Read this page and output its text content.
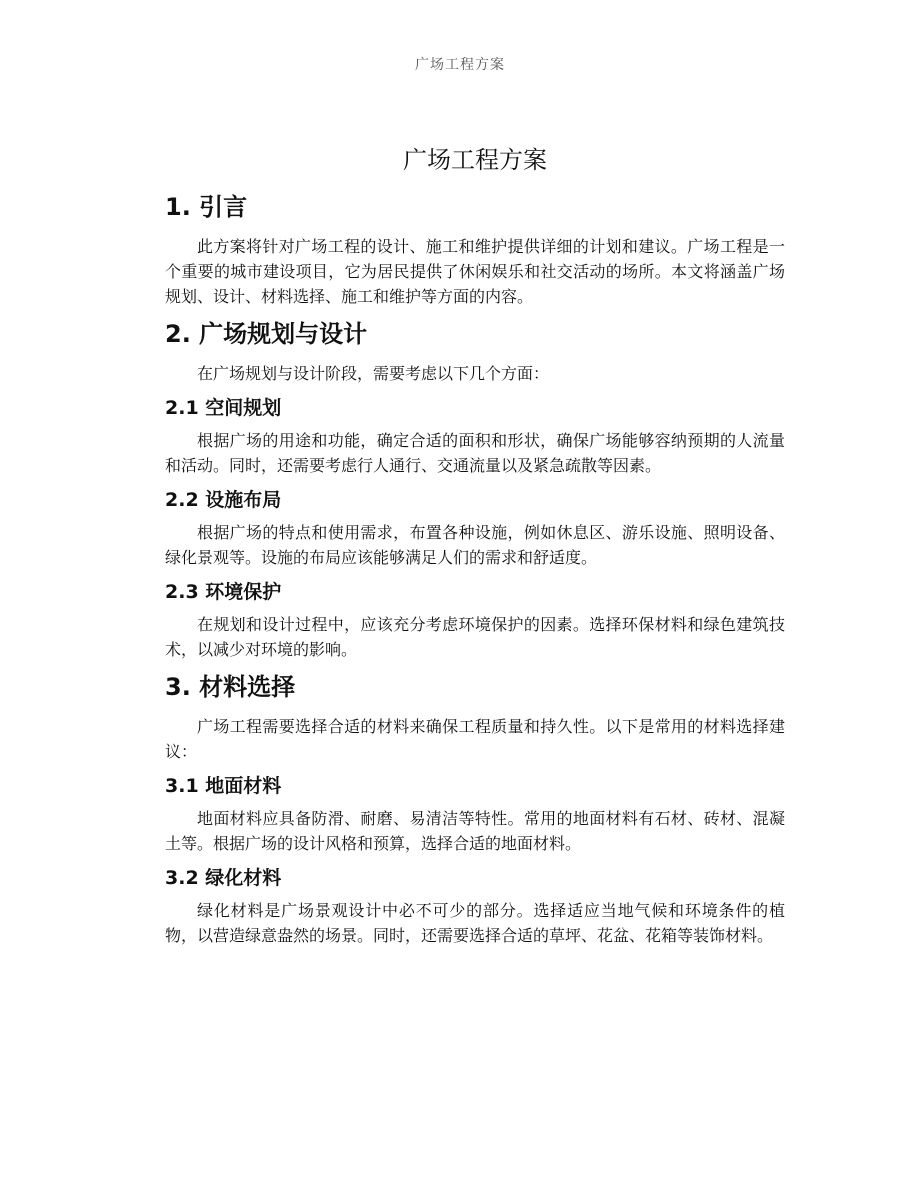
广场工程方案
广场工程方案
1. 引言

此方案将针对广场工程的设计、施工和维护提供详细的计划和建议。广场工程是一个重要的城市建设项目，它为居民提供了休闲娱乐和社交活动的场所。本文将涵盖广场规划、设计、材料选择、施工和维护等方面的内容。

2. 广场规划与设计

在广场规划与设计阶段，需要考虑以下几个方面：

2.1 空间规划

根据广场的用途和功能，确定合适的面积和形状，确保广场能够容纳预期的人流量和活动。同时，还需要考虑行人通行、交通流量以及紧急疏散等因素。

2.2 设施布局

根据广场的特点和使用需求，布置各种设施，例如休息区、游乐设施、照明设备、绿化景观等。设施的布局应该能够满足人们的需求和舒适度。

2.3 环境保护

在规划和设计过程中，应该充分考虑环境保护的因素。选择环保材料和绿色建筑技术，以减少对环境的影响。

3. 材料选择

广场工程需要选择合适的材料来确保工程质量和持久性。以下是常用的材料选择建议：

3.1 地面材料

地面材料应具备防滑、耐磨、易清洁等特性。常用的地面材料有石材、砖材、混凝土等。根据广场的设计风格和预算，选择合适的地面材料。

3.2 绿化材料

绿化材料是广场景观设计中必不可少的部分。选择适应当地气候和环境条件的植物，以营造绿意盎然的场景。同时，还需要选择合适的草坪、花盆、花箱等装饰材料。
